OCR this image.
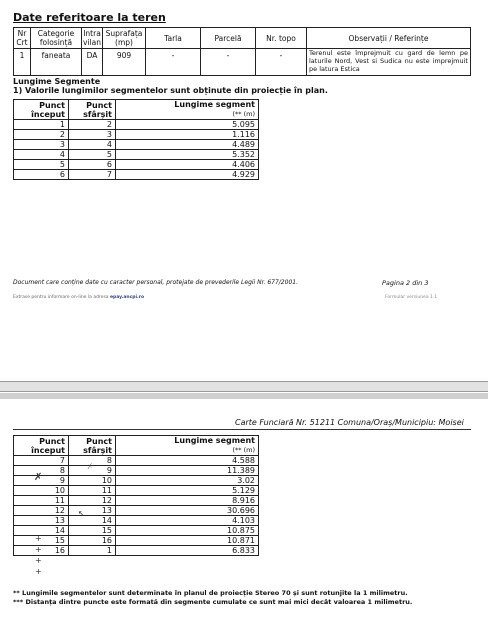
Date referitoare la teren
Nr Crt	Categorie folosință	Intra vilan	Suprafața (mp)	Tarla	Parcelă	Nr. topo	Observații / Referințe
1	faneata	DA	909	-	-	-	Terenul este împrejmuit cu gard de lemn pe laturile Nord, Vest si Sudica nu este imprejmuit pe latura Estica
Lungime Segmente
1) Valorile lungimilor segmentelor sunt obținute din proiecție în plan.
Punct început	Punct sfârșit	Lungime segment
(** (m)
1	2	5.095
2	3	1.116
3	4	4.489
4	5	5.352
5	6	4.406
6	7	4.929
Document care conține date cu caracter personal, protejate de prevederile Legii Nr. 677/2001.	Pagina 2 din 3
Extrase pentru informare on-line la adresa epay.ancpi.ro	Formular versiunea 1.1
Carte Funciară Nr. 51211 Comuna/Oraș/Municipiu: Moisei
Punct început	Punct sfârșit	Lungime segment
(** (m)
7	8	4.588
8	9	11.389
9	10	3.02
10	11	5.129
11	12	8.916
12	13	30.696
13	14	4.103
14	15	10.875
15	16	10.871
16	1	6.833
⸓
✗
↖
+
+
+
+
** Lungimile segmentelor sunt determinate în planul de proiecție Stereo 70 și sunt rotunjite la 1 milimetru.
*** Distanța dintre puncte este formată din segmente cumulate ce sunt mai mici decât valoarea 1 milimetru.
